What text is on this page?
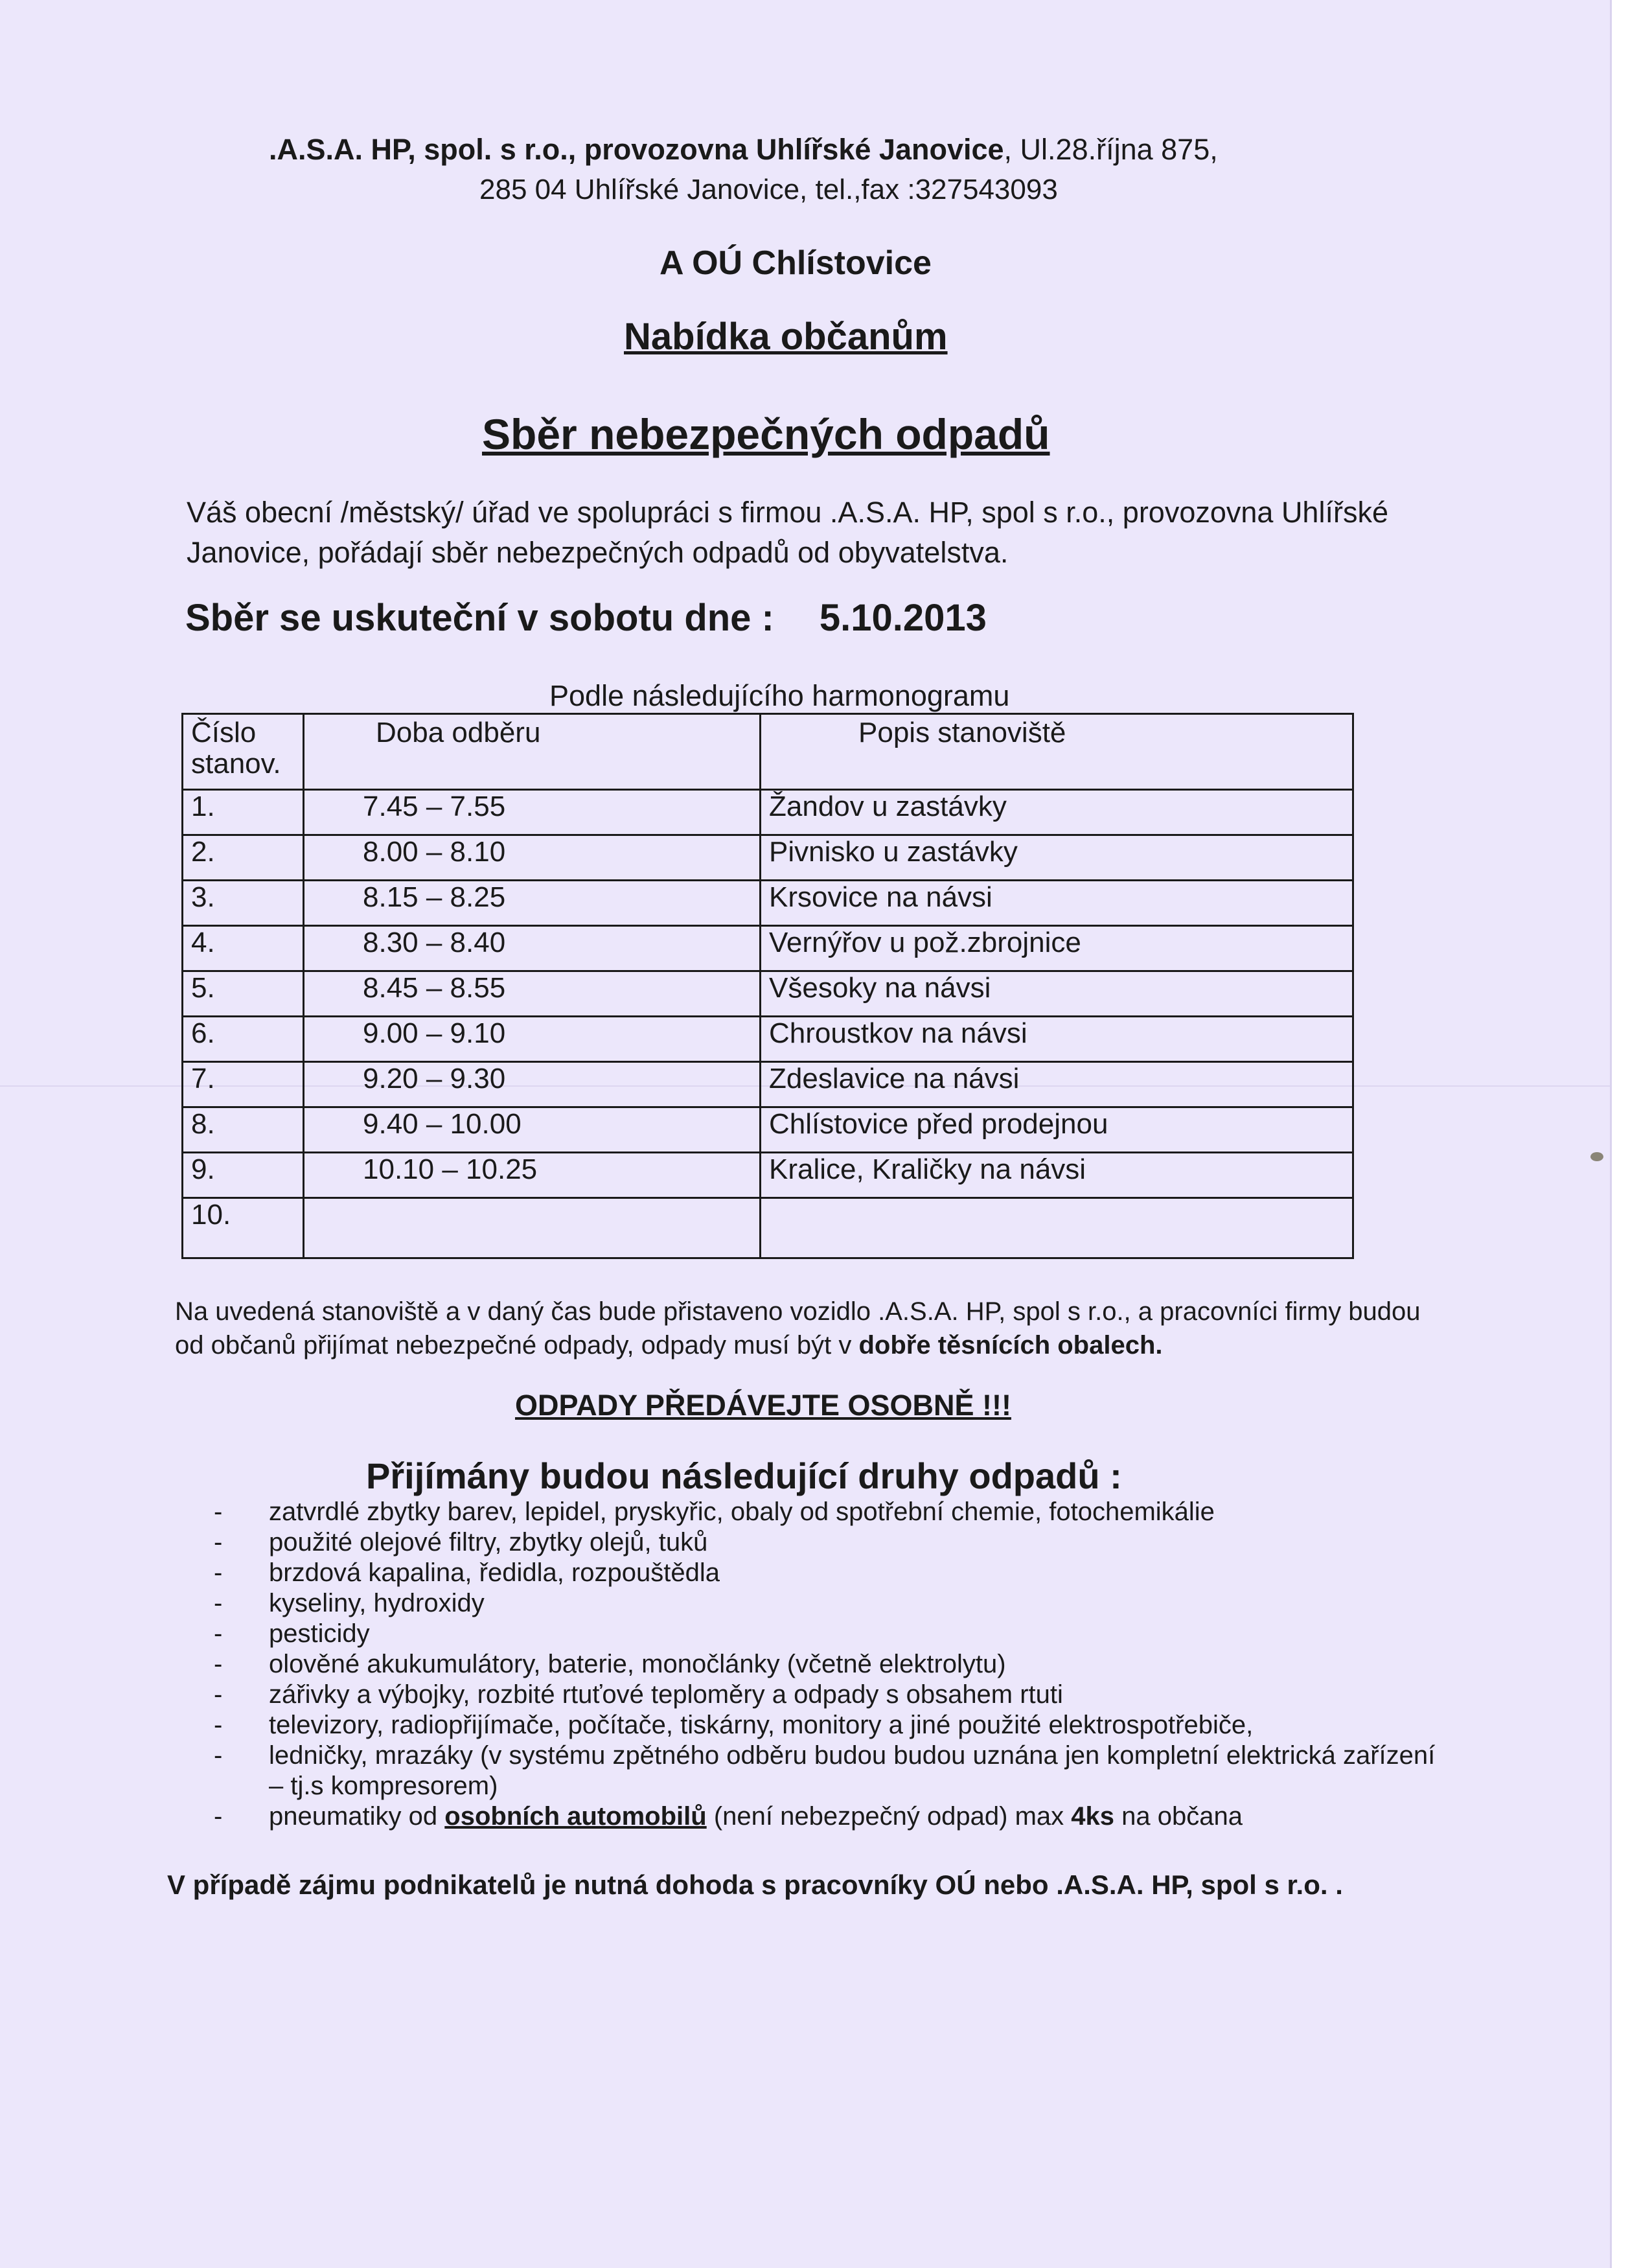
.A.S.A. HP, spol. s r.o., provozovna Uhlířské Janovice, Ul.28.října 875,
285 04 Uhlířské Janovice, tel.,fax :327543093
A OÚ Chlístovice
Nabídka občanům
Sběr nebezpečných odpadů
Váš obecní /městský/ úřad ve spolupráci s firmou .A.S.A. HP, spol s r.o., provozovna Uhlířské Janovice, pořádají sběr nebezpečných odpadů od obyvatelstva.
Sběr se uskuteční v sobotu dne : 5.10.2013
Podle následujícího harmonogramu
Číslo stanov.	Doba odběru	Popis stanoviště
1.	7.45 – 7.55	Žandov u zastávky
2.	8.00 – 8.10	Pivnisko u zastávky
3.	8.15 – 8.25	Krsovice na návsi
4.	8.30 – 8.40	Vernýřov u pož.zbrojnice
5.	8.45 – 8.55	Všesoky na návsi
6.	9.00 – 9.10	Chroustkov na návsi
7.	9.20 – 9.30	Zdeslavice na návsi
8.	9.40 – 10.00	Chlístovice před prodejnou
9.	10.10 – 10.25	Kralice, Kraličky na návsi
10.		
Na uvedená stanoviště a v daný čas bude přistaveno vozidlo .A.S.A. HP, spol s r.o., a pracovníci firmy budou od občanů přijímat nebezpečné odpady, odpady musí být v dobře těsnících obalech.
ODPADY PŘEDÁVEJTE OSOBNĚ !!!
Přijímány budou následující druhy odpadů :
- zatvrdlé zbytky barev, lepidel, pryskyřic, obaly od spotřební chemie, fotochemikálie
- použité olejové filtry, zbytky olejů, tuků
- brzdová kapalina, ředidla, rozpouštědla
- kyseliny, hydroxidy
- pesticidy
- olověné akukumulátory, baterie, monočlánky (včetně elektrolytu)
- zářivky a výbojky, rozbité rtuťové teploměry a odpady s obsahem rtuti
- televizory, radiopřijímače, počítače, tiskárny, monitory a jiné použité elektrospotřebiče,
- ledničky, mrazáky (v systému zpětného odběru budou budou uznána jen kompletní elektrická zařízení – tj.s kompresorem)
- pneumatiky od osobních automobilů (není nebezpečný odpad) max 4ks na občana
V případě zájmu podnikatelů je nutná dohoda s pracovníky OÚ nebo .A.S.A. HP, spol s r.o. .
